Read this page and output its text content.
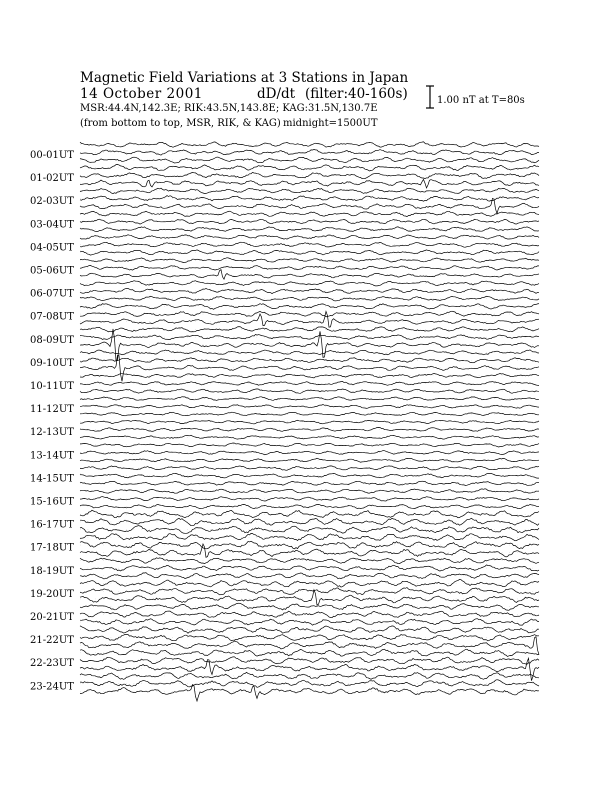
Magnetic Field Variations at 3 Stations in Japan
14 October 2001	dD/dt (filter:40-160s)
MSR:44.4N,142.3E; RIK:43.5N,143.8E; KAG:31.5N,130.7E
(from bottom to top, MSR, RIK, & KAG) midnight=1500UT
1.00 nT at T=80s
00-01UT
01-02UT
02-03UT
03-04UT
04-05UT
05-06UT
06-07UT
07-08UT
08-09UT
09-10UT
10-11UT
11-12UT
12-13UT
13-14UT
14-15UT
15-16UT
16-17UT
17-18UT
18-19UT
19-20UT
20-21UT
21-22UT
22-23UT
23-24UT
